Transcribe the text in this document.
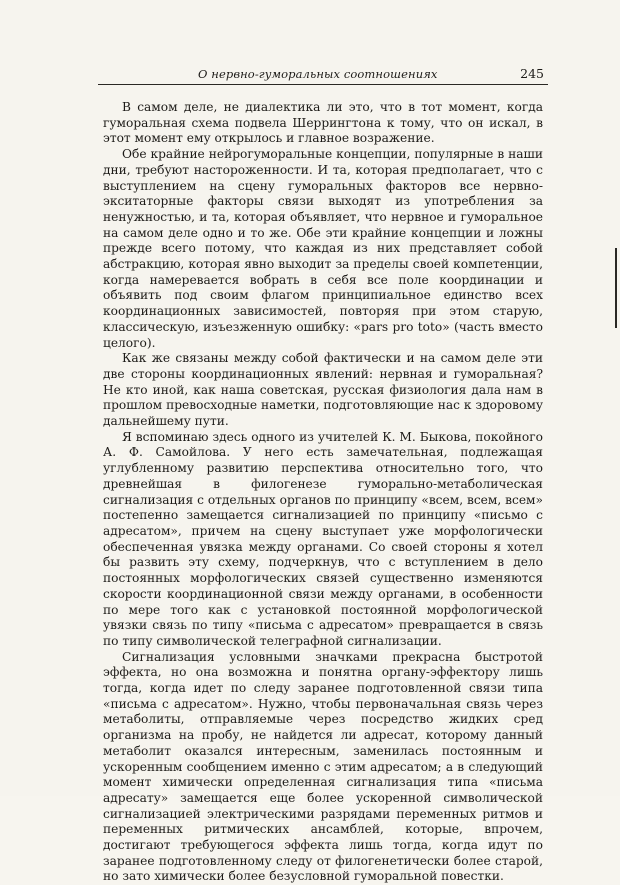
О нервно-гуморальных соотношениях	245

В самом деле, не диалектика ли это, что в тот момент, когда гуморальная схема подвела Шеррингтона к тому, что он искал, в этот момент ему открылось и главное возражение.

Обе крайние нейрогуморальные концепции, популярные в наши дни, требуют настороженности. И та, которая предполагает, что с выступлением на сцену гуморальных факторов все нервно-экситаторные факторы связи выходят из употребления за ненужностью, и та, которая объявляет, что нервное и гуморальное на самом деле одно и то же. Обе эти крайние концепции и ложны прежде всего потому, что каждая из них представляет собой абстракцию, которая явно выходит за пределы своей компетенции, когда намеревается вобрать в себя все поле координации и объявить под своим флагом принципиальное единство всех координационных зависимостей, повторяя при этом старую, классическую, изъезженную ошибку: «pars pro toto» (часть вместо целого).

Как же связаны между собой фактически и на самом деле эти две стороны координационных явлений: нервная и гуморальная? Не кто иной, как наша советская, русская физиология дала нам в прошлом превосходные наметки, подготовляющие нас к здоровому дальнейшему пути.

Я вспоминаю здесь одного из учителей К. М. Быкова, покойного А. Ф. Самойлова. У него есть замечательная, подлежащая углубленному развитию перспектива относительно того, что древнейшая в филогенезе гуморально-метаболическая сигнализация с отдельных органов по принципу «всем, всем, всем» постепенно замещается сигнализацией по принципу «письмо с адресатом», причем на сцену выступает уже морфологически обеспеченная увязка между органами. Со своей стороны я хотел бы развить эту схему, подчеркнув, что с вступлением в дело постоянных морфологических связей существенно изменяются скорости координационной связи между органами, в особенности по мере того как с установкой постоянной морфологической увязки связь по типу «письма с адресатом» превращается в связь по типу символической телеграфной сигнализации.

Сигнализация условными значками прекрасна быстротой эффекта, но она возможна и понятна органу-эффектору лишь тогда, когда идет по следу заранее подготовленной связи типа «письма с адресатом». Нужно, чтобы первоначальная связь через метаболиты, отправляемые через посредство жидких сред организма на пробу, не найдется ли адресат, которому данный метаболит оказался интересным, заменилась постоянным и ускоренным сообщением именно с этим адресатом; а в следующий момент химически определенная сигнализация типа «письма адресату» замещается еще более ускоренной символической сигнализацией электрическими разрядами переменных ритмов и переменных ритмических ансамблей, которые, впрочем, достигают требующегося эффекта лишь тогда, когда идут по заранее подготовленному следу от филогенетически более старой, но зато химически более безусловной гуморальной повестки.
